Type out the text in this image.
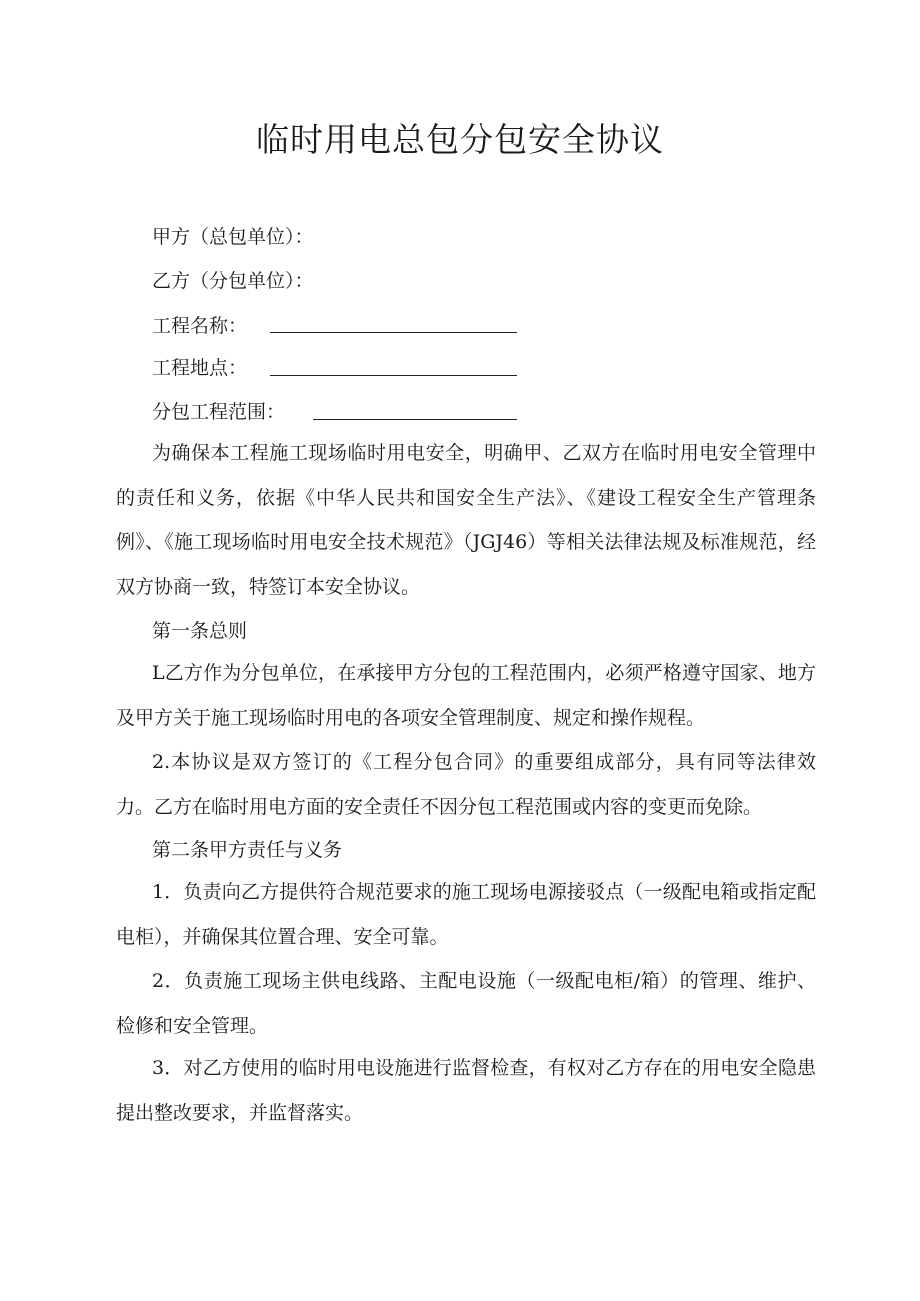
临时用电总包分包安全协议
甲方（总包单位）：
乙方（分包单位）：
工程名称：
工程地点：
分包工程范围：

为确保本工程施工现场临时用电安全，明确甲、乙双方在临时用电安全管理中的责任和义务，依据《中华人民共和国安全生产法》、《建设工程安全生产管理条例》、《施工现场临时用电安全技术规范》（JGJ46）等相关法律法规及标准规范，经双方协商一致，特签订本安全协议。

第一条总则

L乙方作为分包单位，在承接甲方分包的工程范围内，必须严格遵守国家、地方及甲方关于施工现场临时用电的各项安全管理制度、规定和操作规程。

2.本协议是双方签订的《工程分包合同》的重要组成部分，具有同等法律效力。乙方在临时用电方面的安全责任不因分包工程范围或内容的变更而免除。

第二条甲方责任与义务

1．负责向乙方提供符合规范要求的施工现场电源接驳点（一级配电箱或指定配电柜），并确保其位置合理、安全可靠。

2．负责施工现场主供电线路、主配电设施（一级配电柜/箱）的管理、维护、检修和安全管理。

3．对乙方使用的临时用电设施进行监督检查，有权对乙方存在的用电安全隐患提出整改要求，并监督落实。
